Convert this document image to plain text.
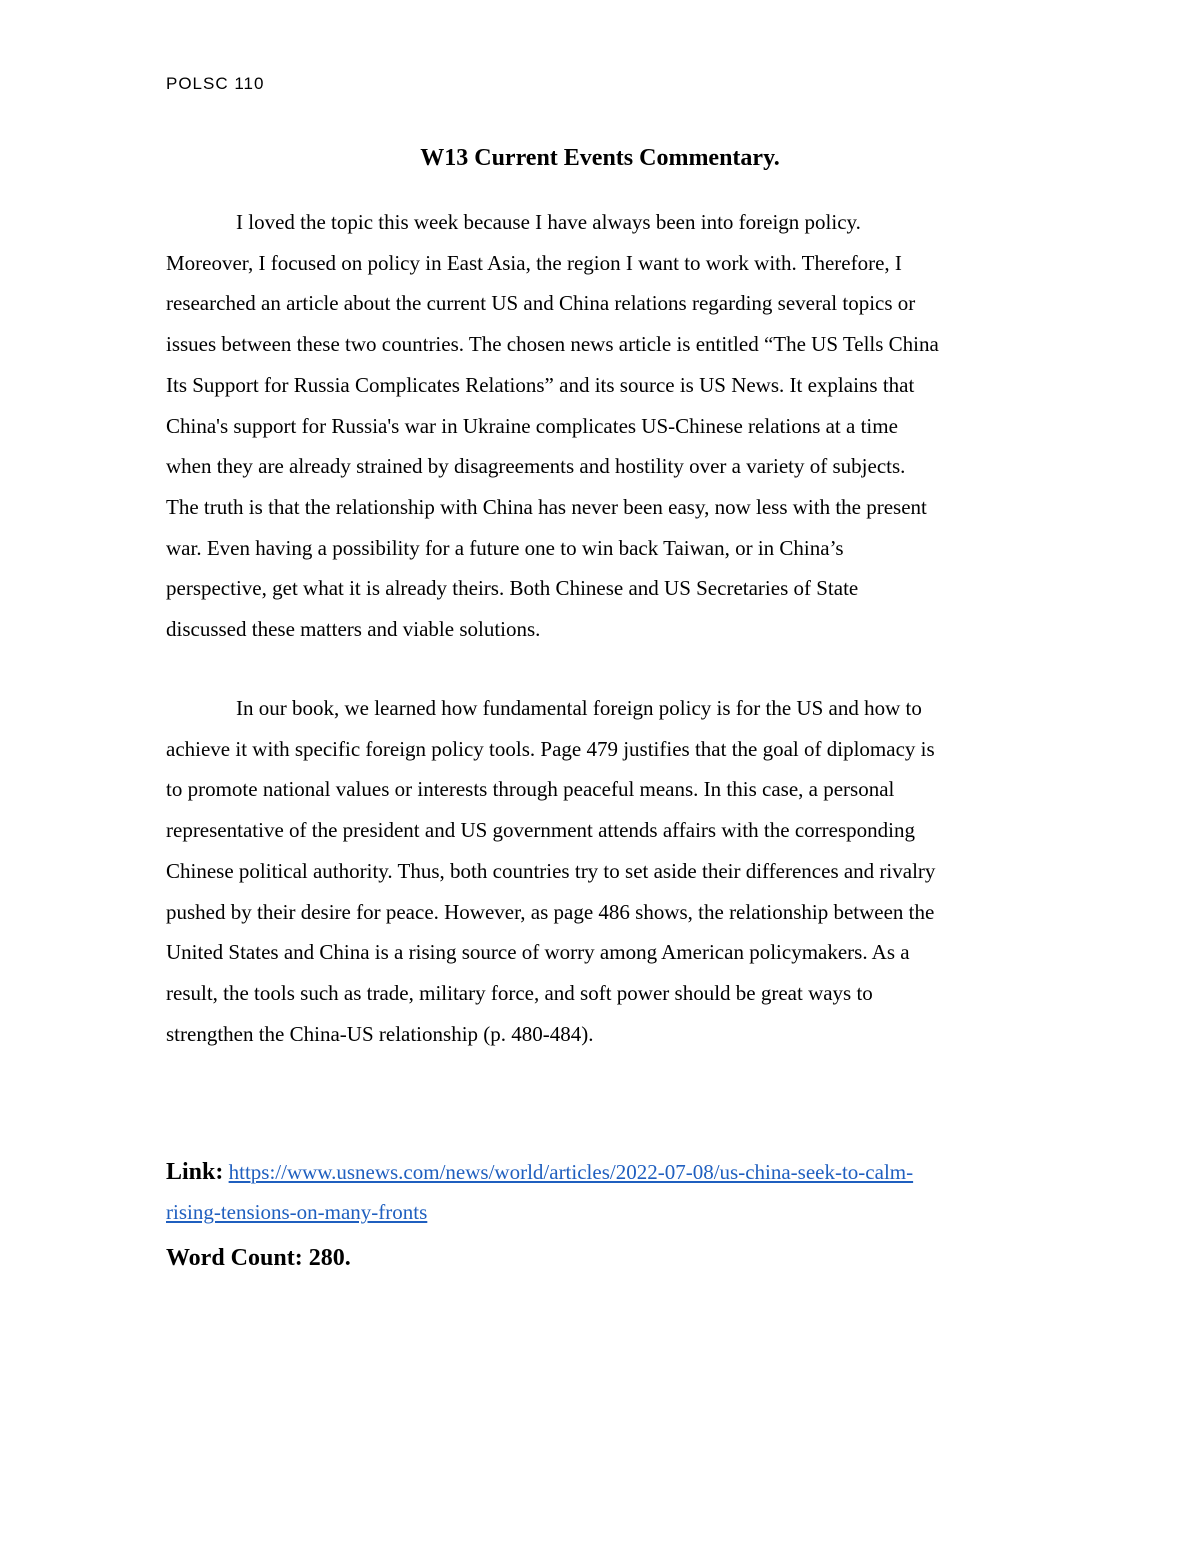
POLSC 110
W13 Current Events Commentary.
I loved the topic this week because I have always been into foreign policy.
Moreover, I focused on policy in East Asia, the region I want to work with. Therefore, I
researched an article about the current US and China relations regarding several topics or
issues between these two countries. The chosen news article is entitled “The US Tells China
Its Support for Russia Complicates Relations” and its source is US News. It explains that
China's support for Russia's war in Ukraine complicates US-Chinese relations at a time
when they are already strained by disagreements and hostility over a variety of subjects.
The truth is that the relationship with China has never been easy, now less with the present
war. Even having a possibility for a future one to win back Taiwan, or in China’s
perspective, get what it is already theirs. Both Chinese and US Secretaries of State
discussed these matters and viable solutions.
In our book, we learned how fundamental foreign policy is for the US and how to
achieve it with specific foreign policy tools. Page 479 justifies that the goal of diplomacy is
to promote national values or interests through peaceful means. In this case, a personal
representative of the president and US government attends affairs with the corresponding
Chinese political authority. Thus, both countries try to set aside their differences and rivalry
pushed by their desire for peace. However, as page 486 shows, the relationship between the
United States and China is a rising source of worry among American policymakers. As a
result, the tools such as trade, military force, and soft power should be great ways to
strengthen the China-US relationship (p. 480-484).
Link: https://www.usnews.com/news/world/articles/2022-07-08/us-china-seek-to-calm-
rising-tensions-on-many-fronts
Word Count: 280.
